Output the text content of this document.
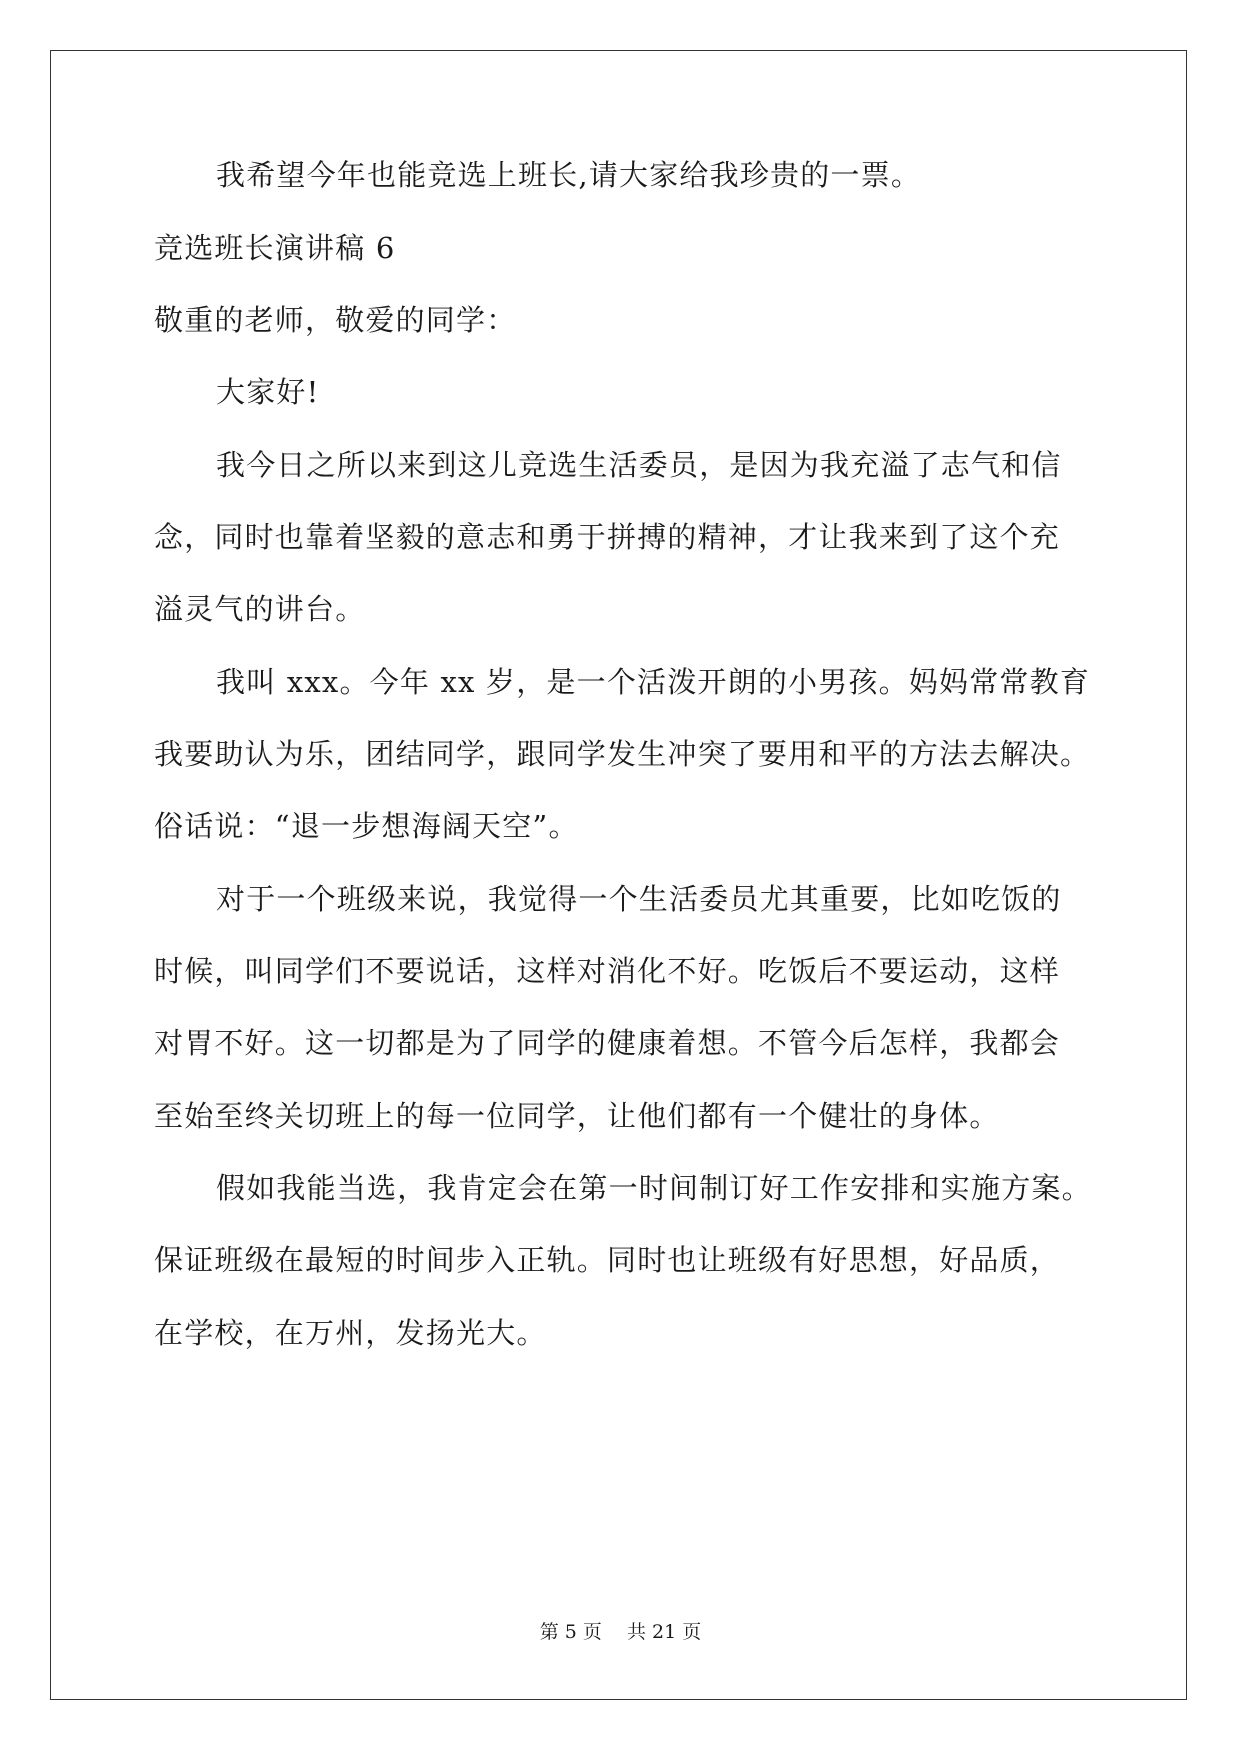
我希望今年也能竞选上班长,请大家给我珍贵的一票。
竞选班长演讲稿 6
敬重的老师，敬爱的同学：
大家好!
我今日之所以来到这儿竞选生活委员，是因为我充溢了志气和信
念，同时也靠着坚毅的意志和勇于拼搏的精神，才让我来到了这个充
溢灵气的讲台。
我叫 xxx。今年 xx 岁，是一个活泼开朗的小男孩。妈妈常常教育
我要助认为乐，团结同学，跟同学发生冲突了要用和平的方法去解决。
俗话说：“退一步想海阔天空”。
对于一个班级来说，我觉得一个生活委员尤其重要，比如吃饭的
时候，叫同学们不要说话，这样对消化不好。吃饭后不要运动，这样
对胃不好。这一切都是为了同学的健康着想。不管今后怎样，我都会
至始至终关切班上的每一位同学，让他们都有一个健壮的身体。
假如我能当选，我肯定会在第一时间制订好工作安排和实施方案。
保证班级在最短的时间步入正轨。同时也让班级有好思想，好品质，
在学校，在万州，发扬光大。
第 5 页　 共 21 页
